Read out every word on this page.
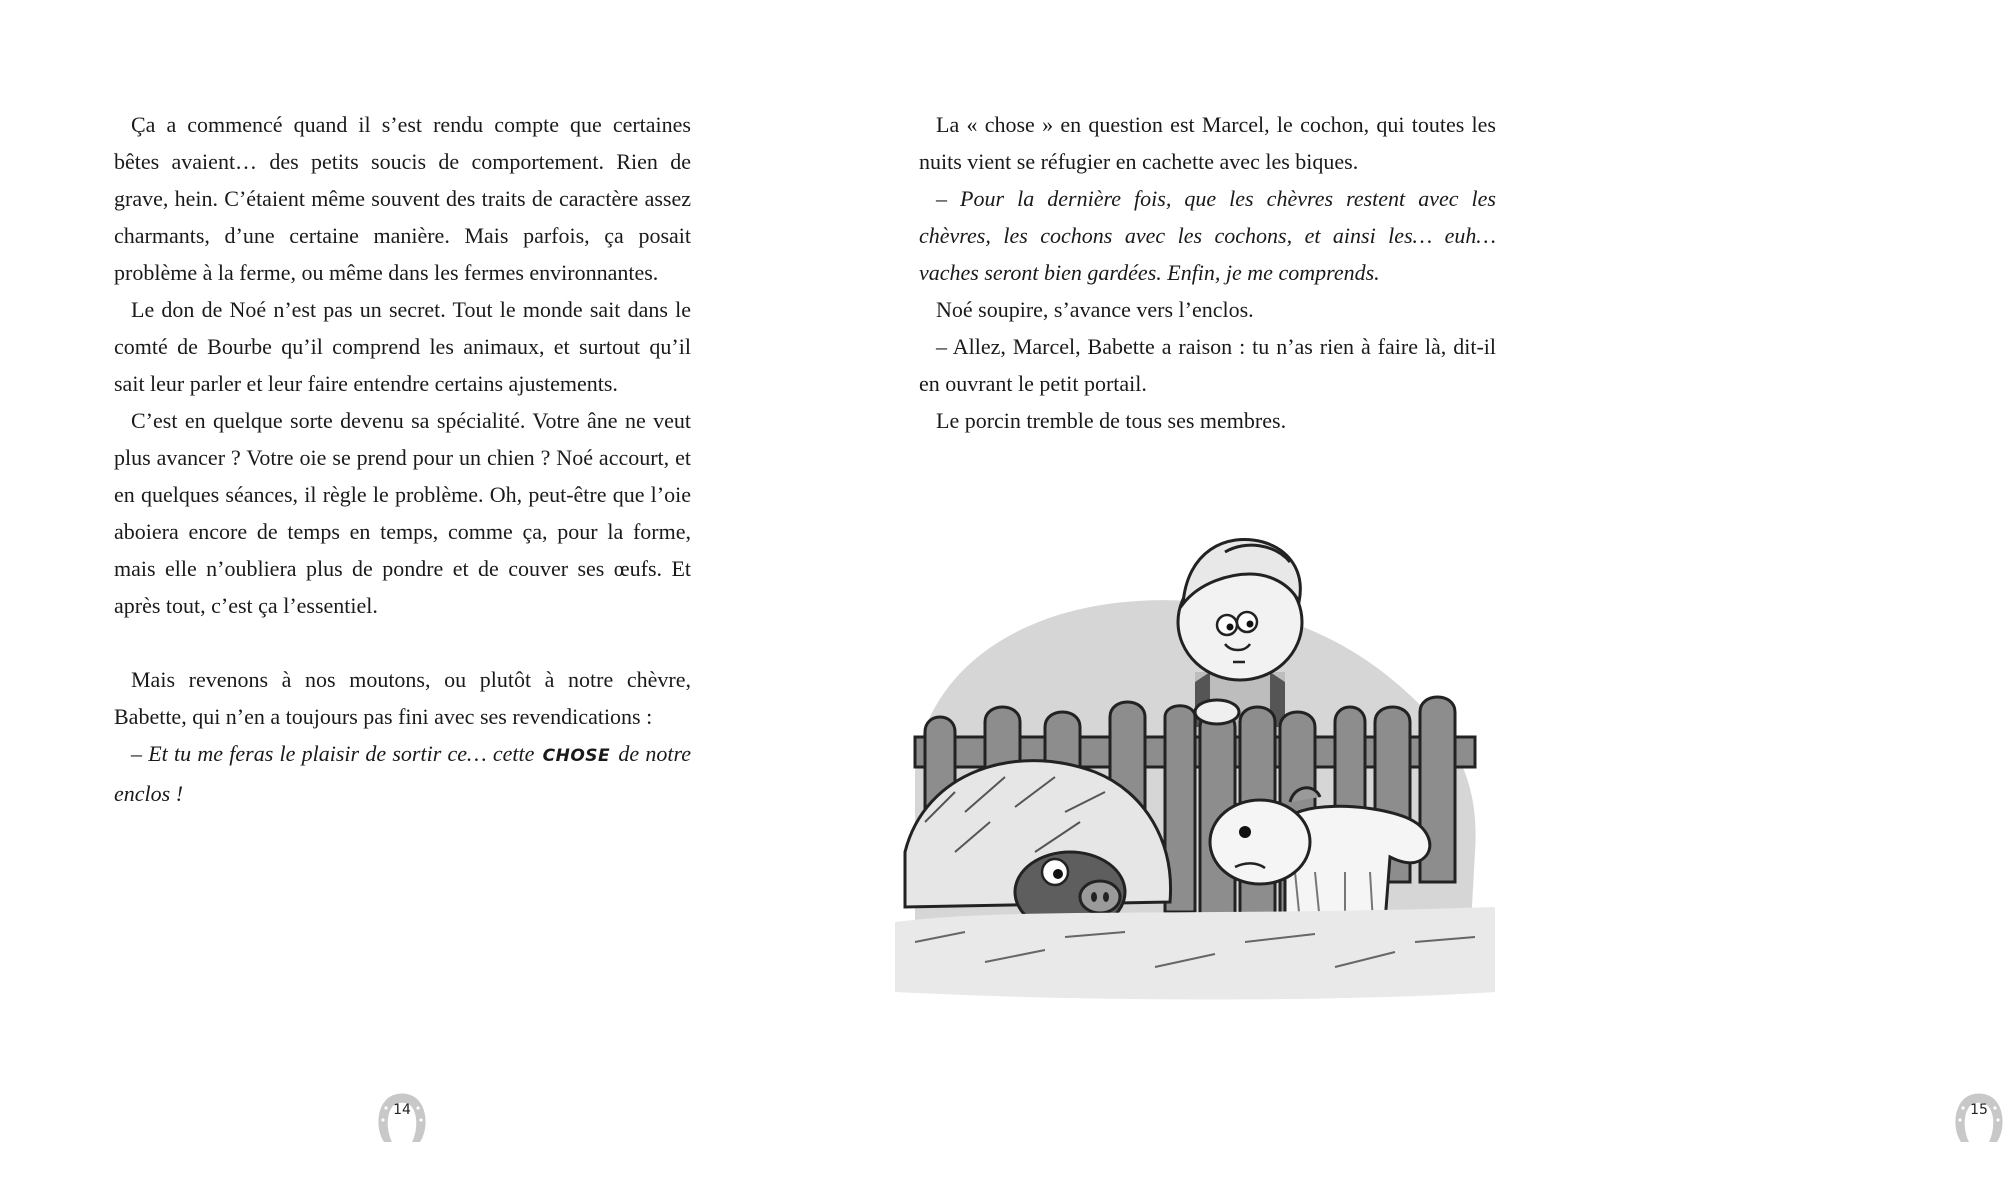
Ça a commencé quand il s’est rendu compte que certaines bêtes avaient… des petits soucis de comportement. Rien de grave, hein. C’étaient même souvent des traits de caractère assez charmants, d’une certaine manière. Mais parfois, ça posait problème à la ferme, ou même dans les fermes environnantes.

Le don de Noé n’est pas un secret. Tout le monde sait dans le comté de Bourbe qu’il comprend les animaux, et surtout qu’il sait leur parler et leur faire entendre certains ajustements.

C’est en quelque sorte devenu sa spécialité. Votre âne ne veut plus avancer ? Votre oie se prend pour un chien ? Noé accourt, et en quelques séances, il règle le problème. Oh, peut-être que l’oie aboiera encore de temps en temps, comme ça, pour la forme, mais elle n’oubliera plus de pondre et de couver ses œufs. Et après tout, c’est ça l’essentiel.

Mais revenons à nos moutons, ou plutôt à notre chèvre, Babette, qui n’en a toujours pas fini avec ses revendications :

– Et tu me feras le plaisir de sortir ce… cette CHOSE de notre enclos !

14

La « chose » en question est Marcel, le cochon, qui toutes les nuits vient se réfugier en cachette avec les biques.

– Pour la dernière fois, que les chèvres restent avec les chèvres, les cochons avec les cochons, et ainsi les… euh… vaches seront bien gardées. Enfin, je me comprends.

Noé soupire, s’avance vers l’enclos.

– Allez, Marcel, Babette a raison : tu n’as rien à faire là, dit-il en ouvrant le petit portail.

Le porcin tremble de tous ses membres.

15
